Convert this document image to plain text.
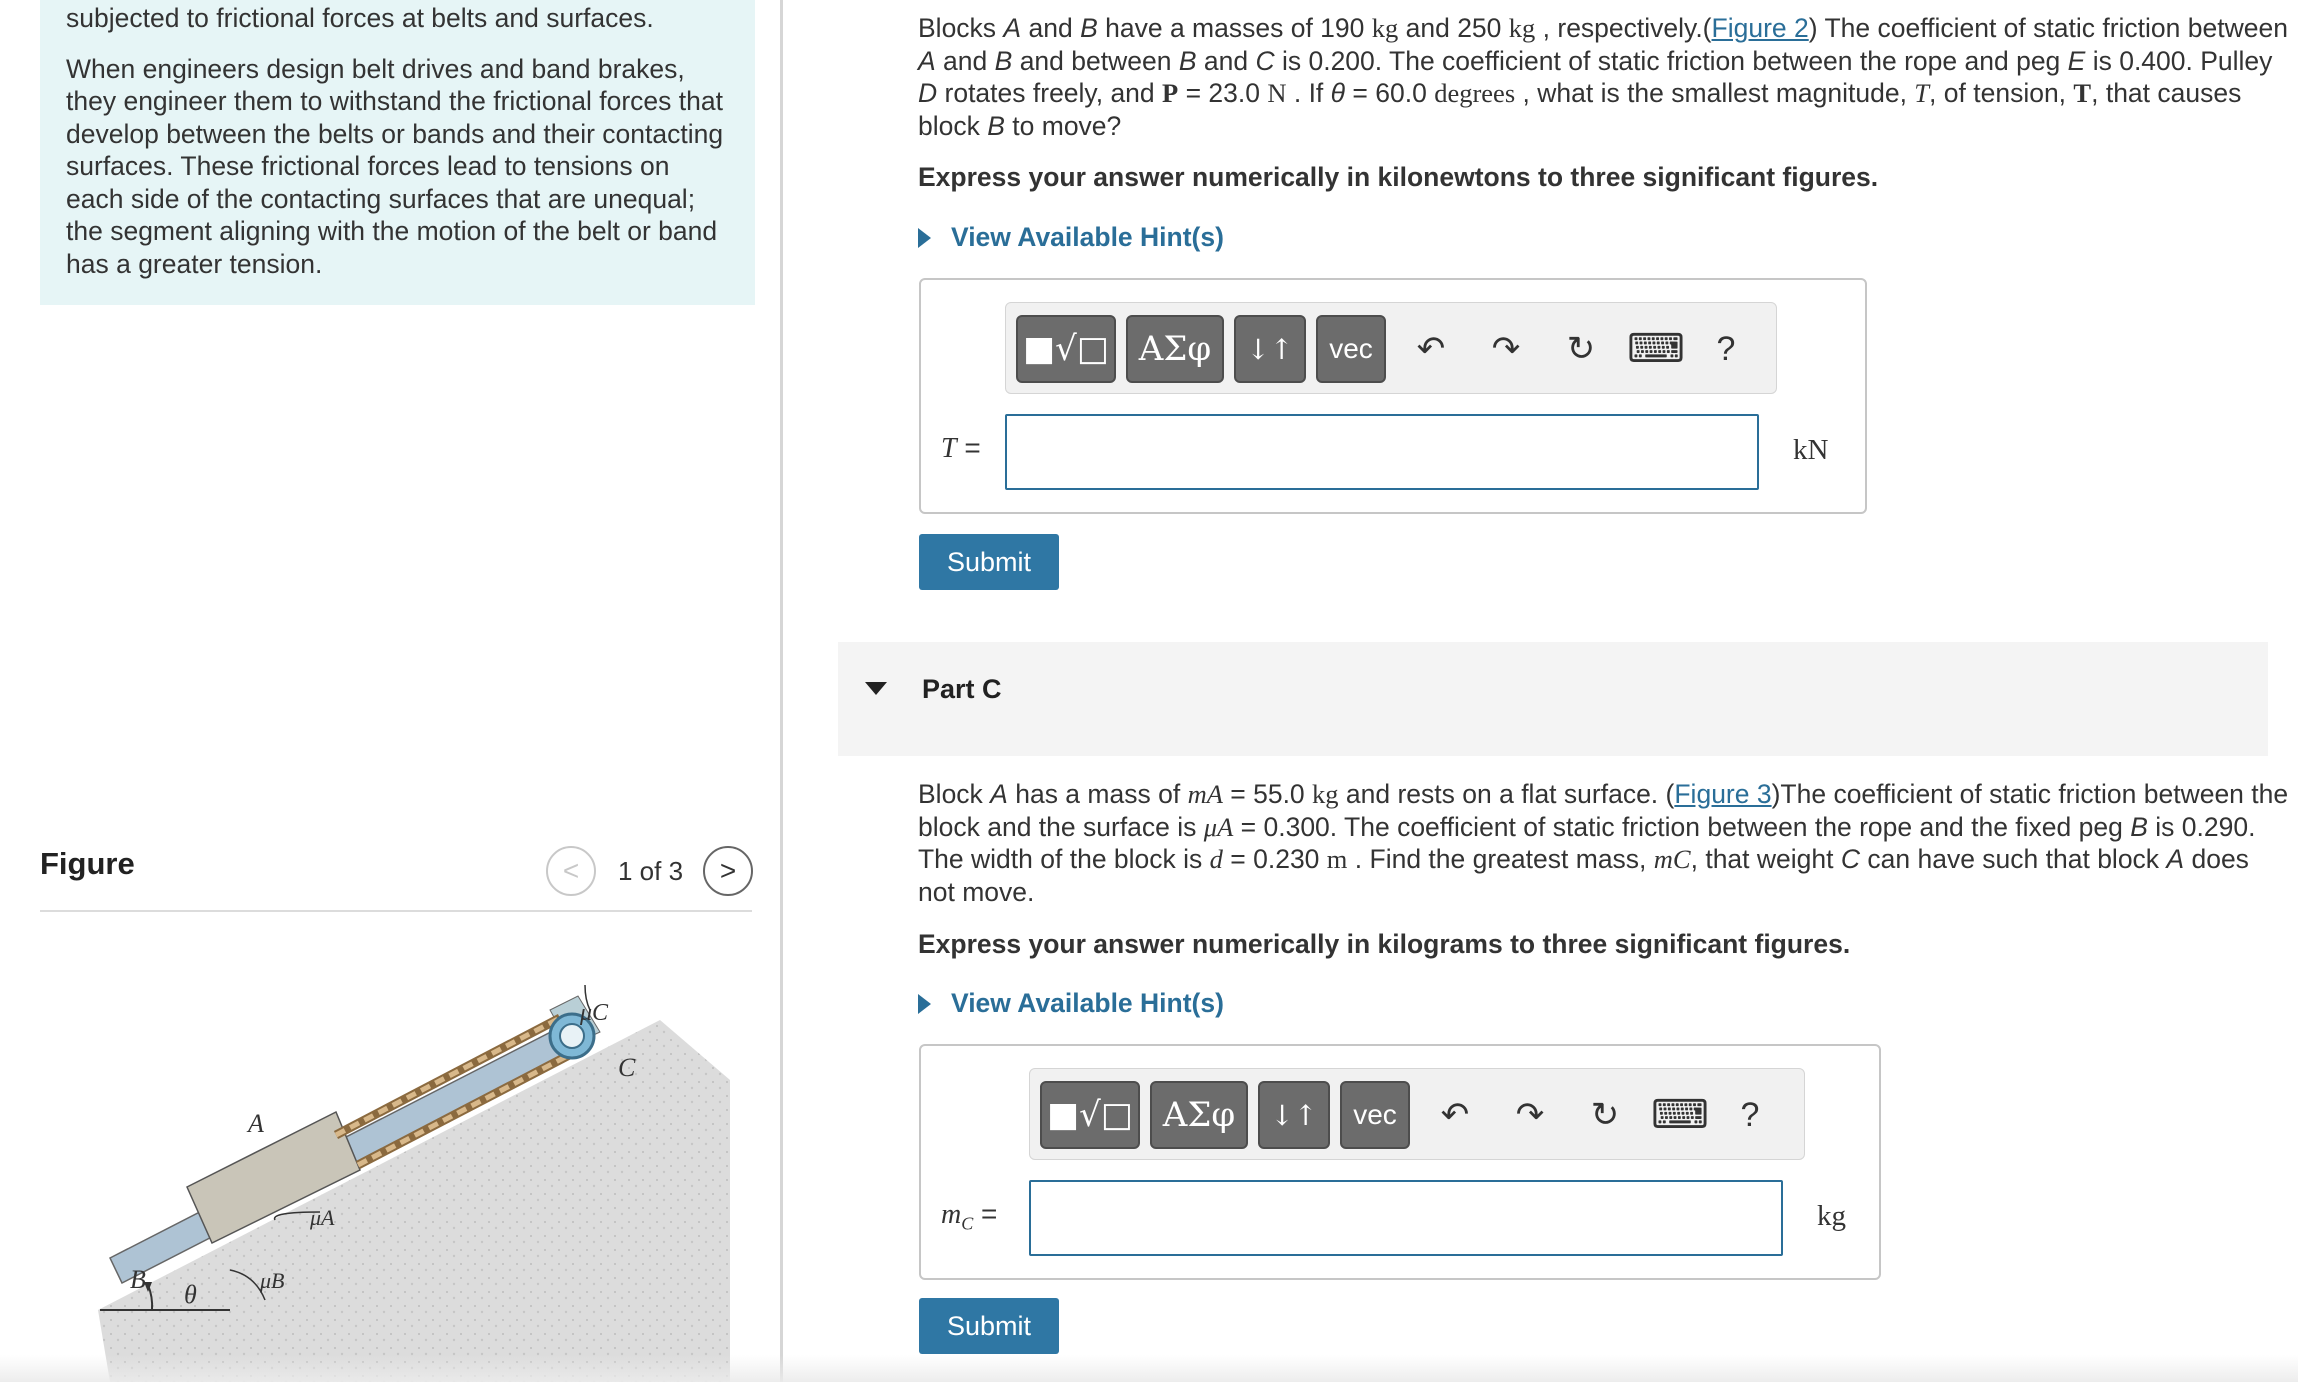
subjected to frictional forces at belts and surfaces.

When engineers design belt drives and band brakes, they engineer them to withstand the frictional forces that develop between the belts or bands and their contacting surfaces. These frictional forces lead to tensions on each side of the contacting surfaces that are unequal; the segment aligning with the motion of the belt or band has a greater tension.

Figure	< 1 of 3 >
μC
C
A
μA
B	μB
θ
Blocks A and B have a masses of 190 kg and 250 kg , respectively.(Figure 2) The coefficient of static friction between A and B and between B and C is 0.200. The coefficient of static friction between the rope and peg E is 0.400. Pulley D rotates freely, and P = 23.0 N . If θ = 60.0 degrees , what is the smallest magnitude, T, of tension, T, that causes block B to move?
Express your answer numerically in kilonewtons to three significant figures.
View Available Hint(s)
■√□ ΑΣφ	↓↑	vec	↶	↷	↻ ⌨ ?
T =	kN
Submit
Part C
Block A has a mass of mA = 55.0 kg and rests on a flat surface. (Figure 3)The coefficient of static friction between the block and the surface is μA = 0.300. The coefficient of static friction between the rope and the fixed peg B is 0.290. The width of the block is d = 0.230 m . Find the greatest mass, mC, that weight C can have such that block A does not move.
Express your answer numerically in kilograms to three significant figures.
View Available Hint(s)
■√□ ΑΣφ	↓↑	vec	↶	↷	↻ ⌨ ?
$m_C$ =	kg
Submit
